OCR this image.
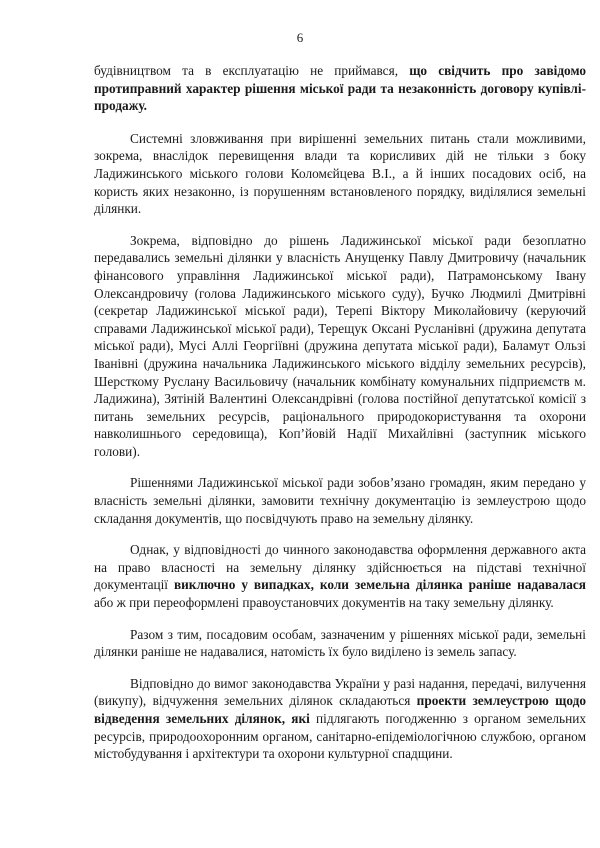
6

будівництвом та в експлуатацію не приймався, що свідчить про завідомо протиправний характер рішення міської ради та незаконність договору купівлі-продажу.

Системні зловживання при вирішенні земельних питань стали можливими, зокрема, внаслідок перевищення влади та корисливих дій не тільки з боку Ладижинського міського голови Коломєйцева В.І., а й інших посадових осіб, на користь яких незаконно, із порушенням встановленого порядку, виділялися земельні ділянки.

Зокрема, відповідно до рішень Ладижинської міської ради безоплатно передавались земельні ділянки у власність Анущенку Павлу Дмитровичу (начальник фінансового управління Ладижинської міської ради), Патрамонському Івану Олександровичу (голова Ладижинського міського суду), Бучко Людмилі Дмитрівні (секретар Ладижинської міської ради), Терепі Віктору Миколайовичу (керуючий справами Ладижинської міської ради), Терещук Оксані Русланівні (дружина депутата міської ради), Мусі Аллі Георгіївні (дружина депутата міської ради), Баламут Ользі Іванівні (дружина начальника Ладижинського міського відділу земельних ресурсів), Шерсткому Руслану Васильовичу (начальник комбінату комунальних підприємств м. Ладижина), Зятіній Валентині Олександрівні (голова постійної депутатської комісії з питань земельних ресурсів, раціонального природокористування та охорони навколишнього середовища), Коп’йовій Надії Михайлівні (заступник міського голови).

Рішеннями Ладижинської міської ради зобов’язано громадян, яким передано у власність земельні ділянки, замовити технічну документацію із землеустрою щодо складання документів, що посвідчують право на земельну ділянку.

Однак, у відповідності до чинного законодавства оформлення державного акта на право власності на земельну ділянку здійснюється на підставі технічної документації виключно у випадках, коли земельна ділянка раніше надавалася або ж при переоформлені правоустановчих документів на таку земельну ділянку.

Разом з тим, посадовим особам, зазначеним у рішеннях міської ради, земельні ділянки раніше не надавалися, натомість їх було виділено із земель запасу.

Відповідно до вимог законодавства України у разі надання, передачі, вилучення (викупу), відчуження земельних ділянок складаються проекти землеустрою щодо відведення земельних ділянок, які підлягають погодженню з органом земельних ресурсів, природоохоронним органом, санітарно-епідеміологічною службою, органом містобудування і архітектури та охорони культурної спадщини.
